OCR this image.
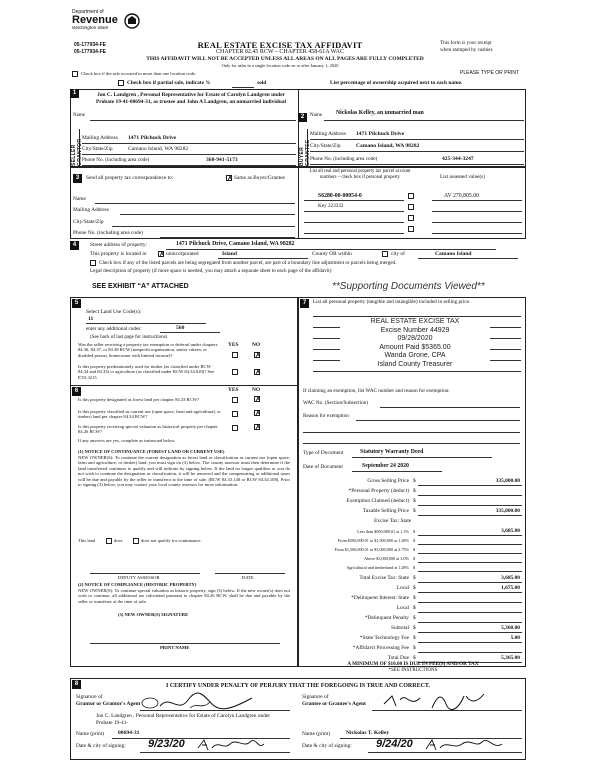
Department of
Revenue
Washington State
05-177934-FE
05-177934-FE
REAL ESTATE EXCISE TAX AFFIDAVIT
CHAPTER 82.45 RCW – CHAPTER 458-61A WAC
THIS AFFIDAVIT WILL NOT BE ACCEPTED UNLESS ALL AREAS ON ALL PAGES ARE FULLY COMPLETED
Only for sales in a single location code on or after January 1, 2020
This form is your receipt
when stamped by cashier.
PLEASE TYPE OR PRINT
Check box if the sale occurred in more than one location code.
Check box if partial sale, indicate %	sold	List percentage of ownership acquired next to each name.
1
SELLER GRANTOR
Jon C. Landgren , Personal Representative for Estate of Carolyn Landgren under Probate 19-41-00694-31, as trustee and John A Landgren, an unmarried individual
Name
Mailing Address 1471 Pilchuck Drive
City/State/Zip	Camano Island, WA 98282
Phone No. (including area code)	360-941-5173
2
BUYER GRANTEE
Name Nickolas Kelley, an unmarried man
Mailing Address 1471 Pilchuck Drive
City/State/Zip	Camano Island, WA 98282
Phone No. (including area code)	425-344-3247
3	Send all property tax correspondence to:	✗ Same as Buyer/Grantee
Name
Mailing Address
City/State/Zip
Phone No. (including area code)
List all real and personal property tax parcel account numbers – check box if personal property	List assessed value(s)
S6280-00-00054-0	AV 270,805.00
Key 223332
4	Street address of property:	1471 Pilchuck Drive, Camano Island, WA 98282
This property is located in ✗ unincorporated	Island	County OR within	city of	Camano Island
Check box if any of the listed parcels are being segregated from another parcel, are part of a boundary line adjustment or parcels being merged.
Legal description of property (if more space is needed, you may attach a separate sheet to each page of the affidavit)
SEE EXHIBIT “A” ATTACHED	**Supporting Documents Viewed**
5
Select Land Use Code(s):
11
enter any additional codes:	560
(See back of last page for instructions)
YES	NO
Was the seller receiving a property tax exemption or deferral under chapters 84.36, 84.37, or 84.38 RCW (nonprofit organization, senior citizen, or disabled person, homeowner with limited income)?	✗
Is this property predominately used for timber (as classified under RCW 84.34 and 84.33) or agriculture (as classified under RCW 84.34.020)? See ETA 3215
✗
6	YES	NO
Is this property designated as forest land per chapter 84.33 RCW?	✗
Is this property classified as current use (open space, farm and agricultural, or timber) land per chapter 84.34 RCW?	✗
Is this property receiving special valuation as historical property per chapter 84.26 RCW?
✗
If any answers are yes, complete as instructed below.
(1) NOTICE OF CONTINUANCE (FOREST LAND OR CURRENT USE)
NEW OWNER(S): To continue the current designation as forest land or classification as current use (open space, farm and agriculture, or timber) land, you must sign on (3) below. The county assessor must then determine if the land transferred continues to qualify and will indicate by signing below. If the land no longer qualifies or you do not wish to continue the designation or classification, it will be removed and the compensating or additional taxes will be due and payable by the seller or transferor at the time of sale. (RCW 84.33.140 or RCW 84.34.108). Prior to signing (3) below, you may contact your local county assessor for more information.
This land	does	does not qualify for continuance.
DEPUTY ASSESSOR	DATE
(2) NOTICE OF COMPLIANCE (HISTORIC PROPERTY)
NEW OWNER(S): To continue special valuation as historic property, sign (3) below. If the new owner(s) does not wish to continue, all additional tax calculated pursuant to chapter 84.26 RCW, shall be due and payable by the seller or transferor at the time of sale.
(3) NEW OWNER(S) SIGNATURE
PRINT NAME
7	List all personal property (tangible and intangible) included in selling price.
REAL ESTATE EXCISE TAX
Excise Number 44929
09/28/2020
Amount Paid $5365.00
Wanda Grone, CPA
Island County Treasurer
If claiming an exemption, list WAC number and reason for exemption:
WAC No. (Section/Subsection)
Reason for exemption
Type of Document	Statutory Warranty Deed
Date of Document	September 24 2020
Gross Selling Price $	335,000.00
*Personal Property (deduct) $
Exemption Claimed (deduct) $
Taxable Selling Price $	335,000.00
Excise Tax: State
Less than $500,000.01 at 1.1% $	3,685.00
From $500,000.01 to $1,500,000 at 1.28% $
From $1,500,000.01 to $3,000,000 at 2.75% $
Above $3,000,000 at 3.0% $
Agricultural and timberland at 1.28% $
Total Excise Tax: State $	3,685.00
Local $	1,675.00
*Delinquent Interest: State $
Local $
*Delinquent Penalty $
Subtotal $	5,360.00
*State Technology Fee $	5.00
*Affidavit Processing Fee $
Total Due $	5,365.00
A MINIMUM OF $10.00 IS DUE IN FEE(S) AND/OR TAX
*SEE INSTRUCTIONS
8	I CERTIFY UNDER PENALTY OF PERJURY THAT THE FOREGOING IS TRUE AND CORRECT.
Signature of
Grantor or Grantor's Agent
Jon C. Landgren , Personal Representative for Estate of Carolyn Landgren under Probate 19-41-
Name (print)	00694-31
Date & city of signing: 9/23/20
Signature of
Grantee or Grantee's Agent
Name (print)	Nickolas T. Kelley
Date & city of signing: 9/24/20
